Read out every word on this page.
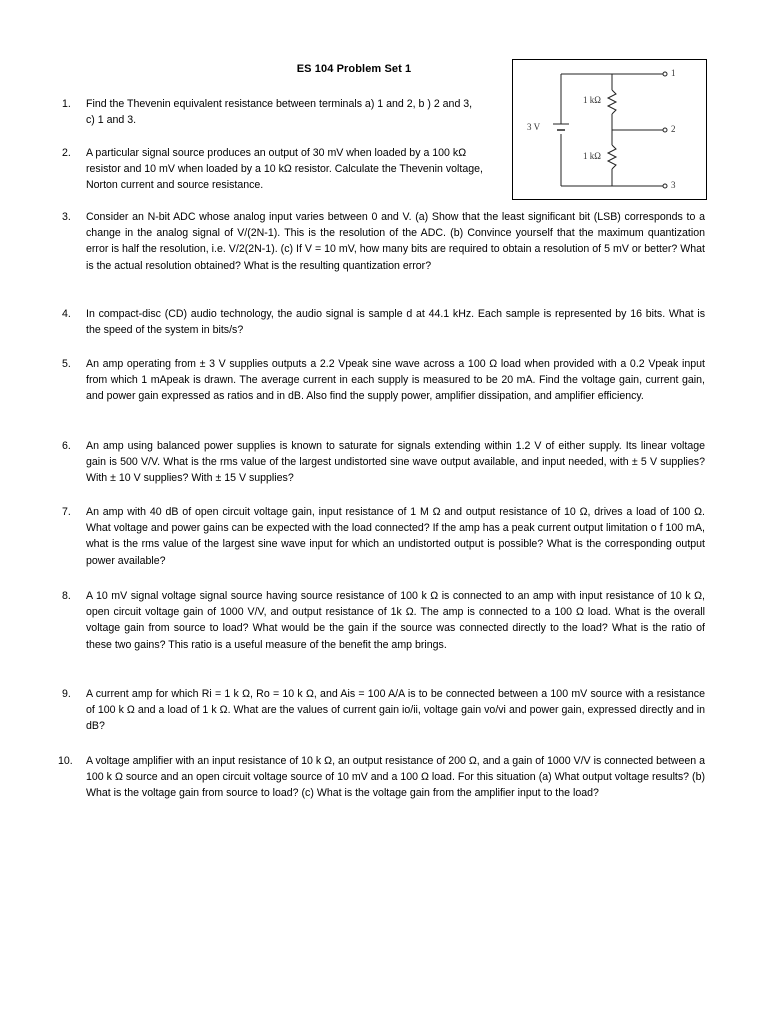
ES 104 Problem Set 1
3 V
1 kΩ
1 kΩ
1
2
3
1. Find the Thevenin equivalent resistance between terminals a) 1 and 2, b ) 2 and 3, c) 1 and 3.
2. A particular signal source produces an output of 30 mV when loaded by a 100 kΩ resistor and 10 mV when loaded by a 10 kΩ resistor. Calculate the Thevenin voltage, Norton current and source resistance.
3. Consider an N-bit ADC whose analog input varies between 0 and V. (a) Show that the least significant bit (LSB) corresponds to a change in the analog signal of V/(2N-1). This is the resolution of the ADC. (b) Convince yourself that the maximum quantization error is half the resolution, i.e. V/2(2N-1). (c) If V = 10 mV, how many bits are required to obtain a resolution of 5 mV or better? What is the actual resolution obtained? What is the resulting quantization error?
4. In compact-disc (CD) audio technology, the audio signal is sample d at 44.1 kHz. Each sample is represented by 16 bits. What is the speed of the system in bits/s?
5. An amp operating from ± 3 V supplies outputs a 2.2 Vpeak sine wave across a 100 Ω load when provided with a 0.2 Vpeak input from which 1 mApeak is drawn. The average current in each supply is measured to be 20 mA. Find the voltage gain, current gain, and power gain expressed as ratios and in dB. Also find the supply power, amplifier dissipation, and amplifier efficiency.
6. An amp using balanced power supplies is known to saturate for signals extending within 1.2 V of either supply. Its linear voltage gain is 500 V/V. What is the rms value of the largest undistorted sine wave output available, and input needed, with ± 5 V supplies? With ± 10 V supplies? With ± 15 V supplies?
7. An amp with 40 dB of open circuit voltage gain, input resistance of 1 M Ω and output resistance of 10 Ω, drives a load of 100 Ω. What voltage and power gains can be expected with the load connected? If the amp has a peak current output limitation o f 100 mA, what is the rms value of the largest sine wave input for which an undistorted output is possible? What is the corresponding output power available?
8. A 10 mV signal voltage signal source having source resistance of 100 k Ω is connected to an amp with input resistance of 10 k Ω, open circuit voltage gain of 1000 V/V, and output resistance of 1k Ω. The amp is connected to a 100 Ω load. What is the overall voltage gain from source to load? What would be the gain if the source was connected directly to the load? What is the ratio of these two gains? This ratio is a useful measure of the benefit the amp brings.
9. A current amp for which Ri = 1 k Ω, Ro = 10 k Ω, and Ais = 100 A/A is to be connected between a 100 mV source with a resistance of 100 k Ω and a load of 1 k Ω. What are the values of current gain io/ii, voltage gain vo/vi and power gain, expressed directly and in dB?
10. A voltage amplifier with an input resistance of 10 k Ω, an output resistance of 200 Ω, and a gain of 1000 V/V is connected between a 100 k Ω source and an open circuit voltage source of 10 mV and a 100 Ω load. For this situation (a) What output voltage results? (b) What is the voltage gain from source to load? (c) What is the voltage gain from the amplifier input to the load?
